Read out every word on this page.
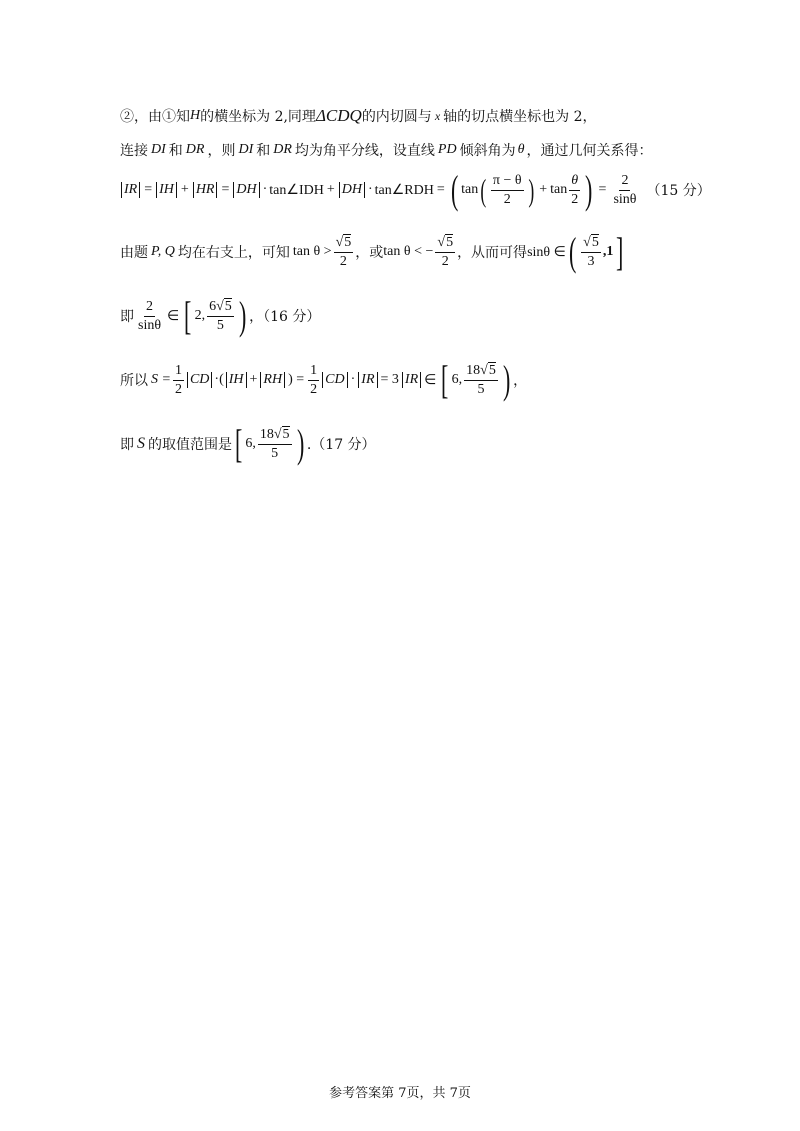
②，由①知 H 的横坐标为 2,同理 ΔCDQ 的内切圆与 x 轴的切点横坐标也为 2，
连接 DI 和 DR ，则 DI 和 DR 均为角平分线，设直线 PD 倾斜角为 θ ，通过几何关系得：
IR = IH + HR = DH · tan∠IDH + DH · tan∠RDH = ( tan ( $\frac{\pi - \theta}{2}$ ) + $\tan \frac{\theta}{2}$ ) = $\frac{2}{\sin\theta} (15$ 分）
由题 P, Q 均在右支上，可知 $\tan \theta > \frac{√5}{2}$ ，或 tan θ < − $\frac{√5}{2}$ ，从而可得 sinθ ∈ ( $\frac{√5}{3} ,1$ ]
即 $\frac{2}{\sin\theta}$ ∈ [ 2, $\frac{6√5}{5}$ ) ，（16 分）
所以 $S = \frac{1}{2}$ CD ·( IH + RH ) = $\frac{1}{2}$ CD · IR = 3 IR ∈ [ 6, $\frac{18√5}{5}$ ) ，
即 S 的取值范围是 [ 6, $\frac{18√5}{5}$ ) .（17 分）
参考答案第 7页，共 7页
